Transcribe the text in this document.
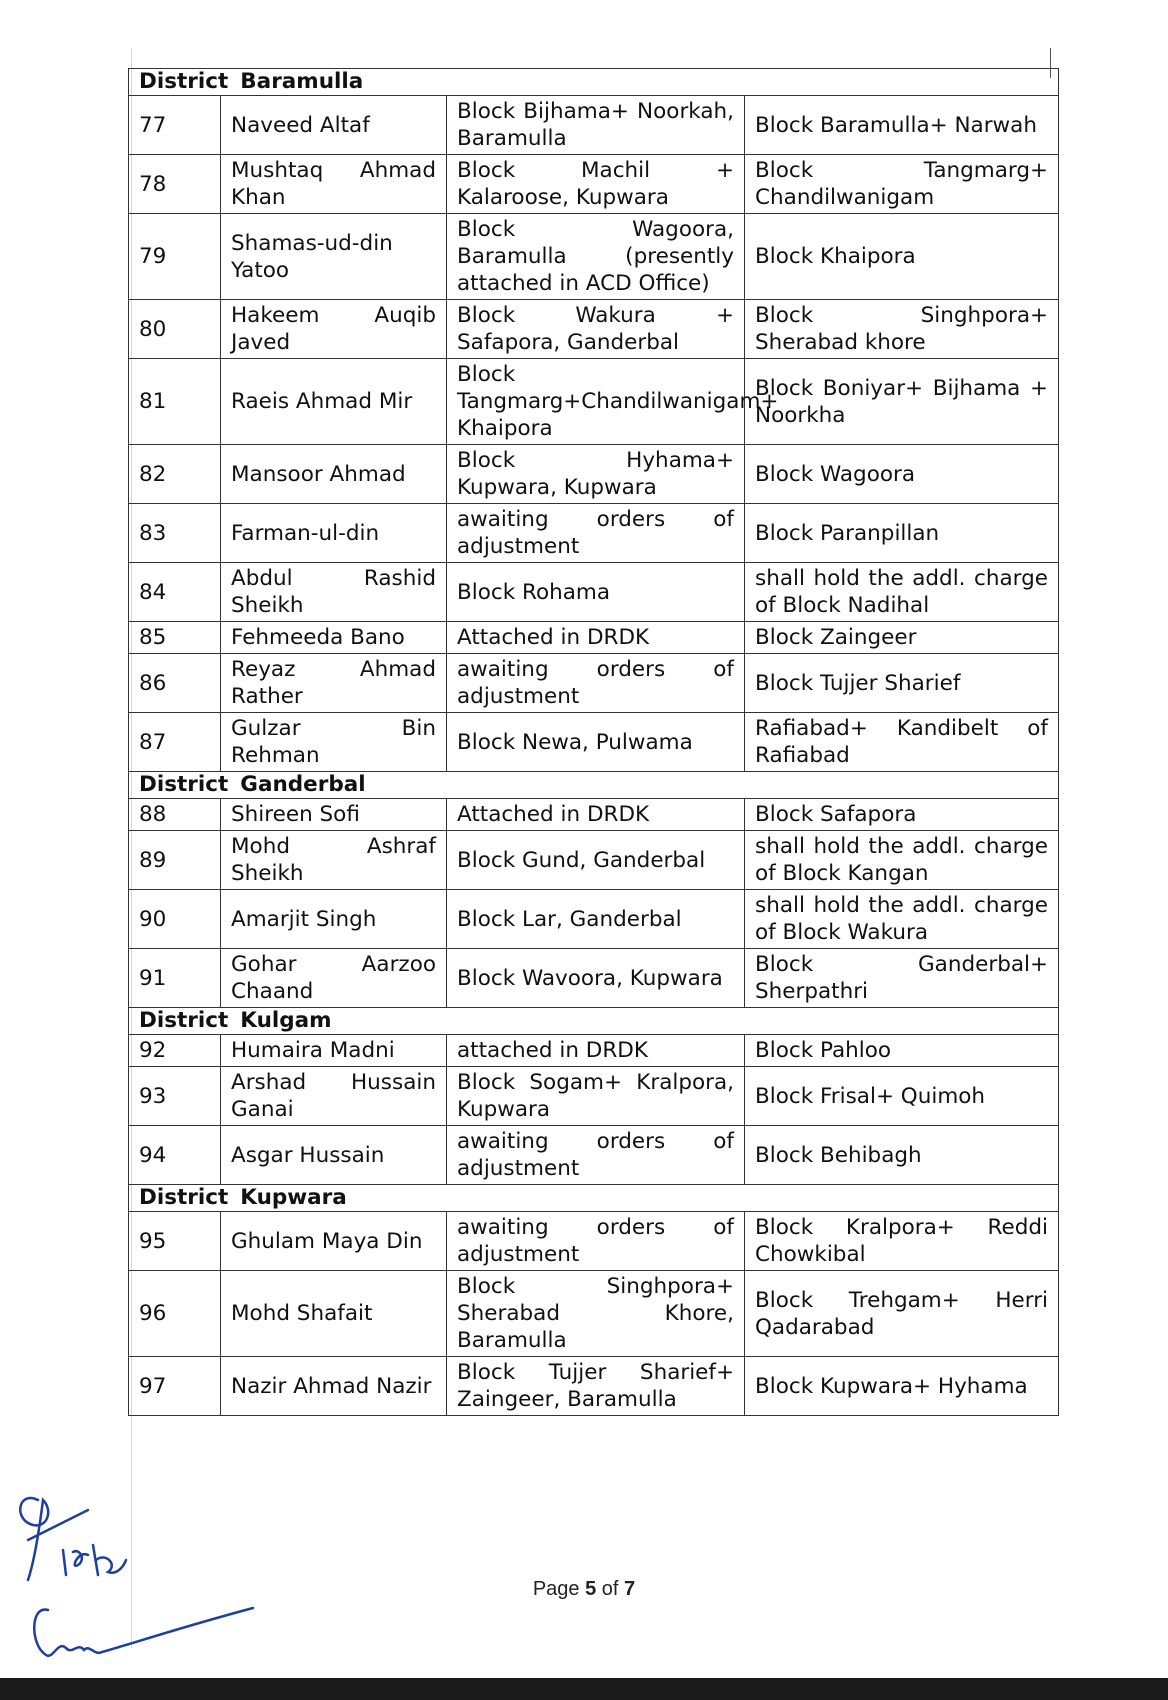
District Baramulla			
77	Naveed Altaf	Block Bijhama+ Noorkah, Baramulla	Block Baramulla+ Narwah
78	Mushtaq Ahmad Khan	Block Machil + Kalaroose, Kupwara	Block Tangmarg+ Chandilwanigam
79	Shamas-ud-din Yatoo	Block Wagoora, Baramulla (presently attached in ACD Office)	Block Khaipora
80	Hakeem Auqib Javed	Block Wakura + Safapora, Ganderbal	Block Singhpora+ Sherabad khore
81	Raeis Ahmad Mir	Block Tangmarg+Chandilwanigam+ Khaipora	Block Boniyar+ Bijhama + Noorkha
82	Mansoor Ahmad	Block Hyhama+ Kupwara, Kupwara	Block Wagoora
83	Farman-ul-din	awaiting orders of adjustment	Block Paranpillan
84	Abdul Rashid Sheikh	Block Rohama	shall hold the addl. charge of Block Nadihal
85	Fehmeeda Bano	Attached in DRDK	Block Zaingeer
86	Reyaz Ahmad Rather	awaiting orders of adjustment	Block Tujjer Sharief
87	Gulzar Bin Rehman	Block Newa, Pulwama	Rafiabad+ Kandibelt of Rafiabad
District Ganderbal			
88	Shireen Sofi	Attached in DRDK	Block Safapora
89	Mohd Ashraf Sheikh	Block Gund, Ganderbal	shall hold the addl. charge of Block Kangan
90	Amarjit Singh	Block Lar, Ganderbal	shall hold the addl. charge of Block Wakura
91	Gohar Aarzoo Chaand	Block Wavoora, Kupwara	Block Ganderbal+ Sherpathri
District Kulgam			
92	Humaira Madni	attached in DRDK	Block Pahloo
93	Arshad Hussain Ganai	Block Sogam+ Kralpora, Kupwara	Block Frisal+ Quimoh
94	Asgar Hussain	awaiting orders of adjustment	Block Behibagh
District Kupwara			
95	Ghulam Maya Din	awaiting orders of adjustment	Block Kralpora+ Reddi Chowkibal
96	Mohd Shafait	Block Singhpora+ Sherabad Khore, Baramulla	Block Trehgam+ Herri Qadarabad
97	Nazir Ahmad Nazir	Block Tujjer Sharief+ Zaingeer, Baramulla	Block Kupwara+ Hyhama
Page 5 of 7
